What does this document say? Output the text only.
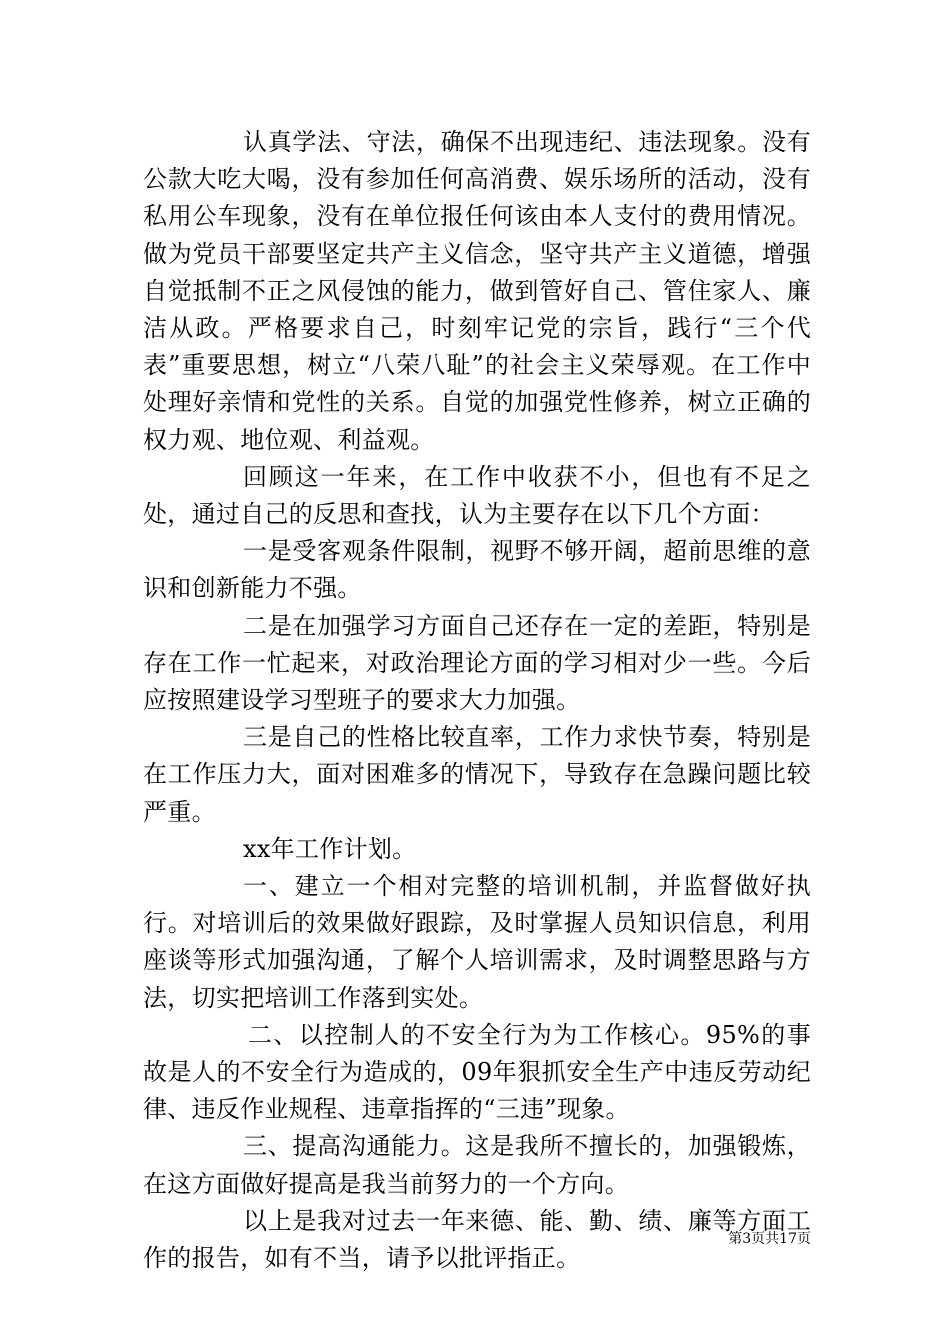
认真学法、守法，确保不出现违纪、违法现象。没有公款大吃大喝，没有参加任何高消费、娱乐场所的活动，没有私用公车现象，没有在单位报任何该由本人支付的费用情况。做为党员干部要坚定共产主义信念，坚守共产主义道德，增强自觉抵制不正之风侵蚀的能力，做到管好自己、管住家人、廉洁从政。严格要求自己，时刻牢记党的宗旨，践行“三个代表”重要思想，树立“八荣八耻”的社会主义荣辱观。在工作中处理好亲情和党性的关系。自觉的加强党性修养，树立正确的权力观、地位观、利益观。

回顾这一年来，在工作中收获不小，但也有不足之处，通过自己的反思和查找，认为主要存在以下几个方面：

一是受客观条件限制，视野不够开阔，超前思维的意识和创新能力不强。

二是在加强学习方面自己还存在一定的差距，特别是存在工作一忙起来，对政治理论方面的学习相对少一些。今后应按照建设学习型班子的要求大力加强。

三是自己的性格比较直率，工作力求快节奏，特别是在工作压力大，面对困难多的情况下，导致存在急躁问题比较严重。

xx年工作计划。

一、建立一个相对完整的培训机制，并监督做好执行。对培训后的效果做好跟踪，及时掌握人员知识信息，利用座谈等形式加强沟通，了解个人培训需求，及时调整思路与方法，切实把培训工作落到实处。

二、以控制人的不安全行为为工作核心。95%的事故是人的不安全行为造成的，09年狠抓安全生产中违反劳动纪律、违反作业规程、违章指挥的“三违”现象。

三、提高沟通能力。这是我所不擅长的，加强锻炼，在这方面做好提高是我当前努力的一个方向。

以上是我对过去一年来德、能、勤、绩、廉等方面工作的报告，如有不当，请予以批评指正。

第3页共17页
